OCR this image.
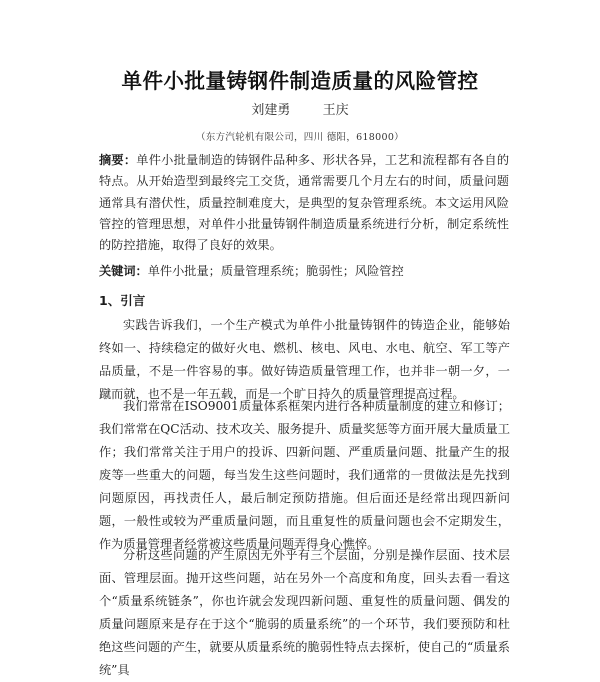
单件小批量铸钢件制造质量的风险管控
刘建勇 王庆
（东方汽轮机有限公司，四川 德阳，618000）
摘要：单件小批量制造的铸钢件品种多、形状各异，工艺和流程都有各自的特点。从开始造型到最终完工交货，通常需要几个月左右的时间，质量问题通常具有潜伏性，质量控制难度大，是典型的复杂管理系统。本文运用风险管控的管理思想，对单件小批量铸钢件制造质量系统进行分析，制定系统性的防控措施，取得了良好的效果。
关键词：单件小批量；质量管理系统；脆弱性；风险管控
1、引言
实践告诉我们，一个生产模式为单件小批量铸钢件的铸造企业，能够始终如一、持续稳定的做好火电、燃机、核电、风电、水电、航空、军工等产品质量，不是一件容易的事。做好铸造质量管理工作，也并非一朝一夕，一蹴而就，也不是一年五载，而是一个旷日持久的质量管理提高过程。
我们常常在ISO9001质量体系框架内进行各种质量制度的建立和修订；我们常常在QC活动、技术攻关、服务提升、质量奖惩等方面开展大量质量工作；我们常常关注于用户的投诉、四新问题、严重质量问题、批量产生的报废等一些重大的问题，每当发生这些问题时，我们通常的一贯做法是先找到问题原因，再找责任人，最后制定预防措施。但后面还是经常出现四新问题，一般性或较为严重质量问题，而且重复性的质量问题也会不定期发生，作为质量管理者经常被这些质量问题弄得身心憔悴。
分析这些问题的产生原因无外乎有三个层面，分别是操作层面、技术层面、管理层面。抛开这些问题，站在另外一个高度和角度，回头去看一看这个“质量系统链条”，你也许就会发现四新问题、重复性的质量问题、偶发的质量问题原来是存在于这个“脆弱的质量系统”的一个环节，我们要预防和杜绝这些问题的产生，就要从质量系统的脆弱性特点去探析，使自己的“质量系统”具
